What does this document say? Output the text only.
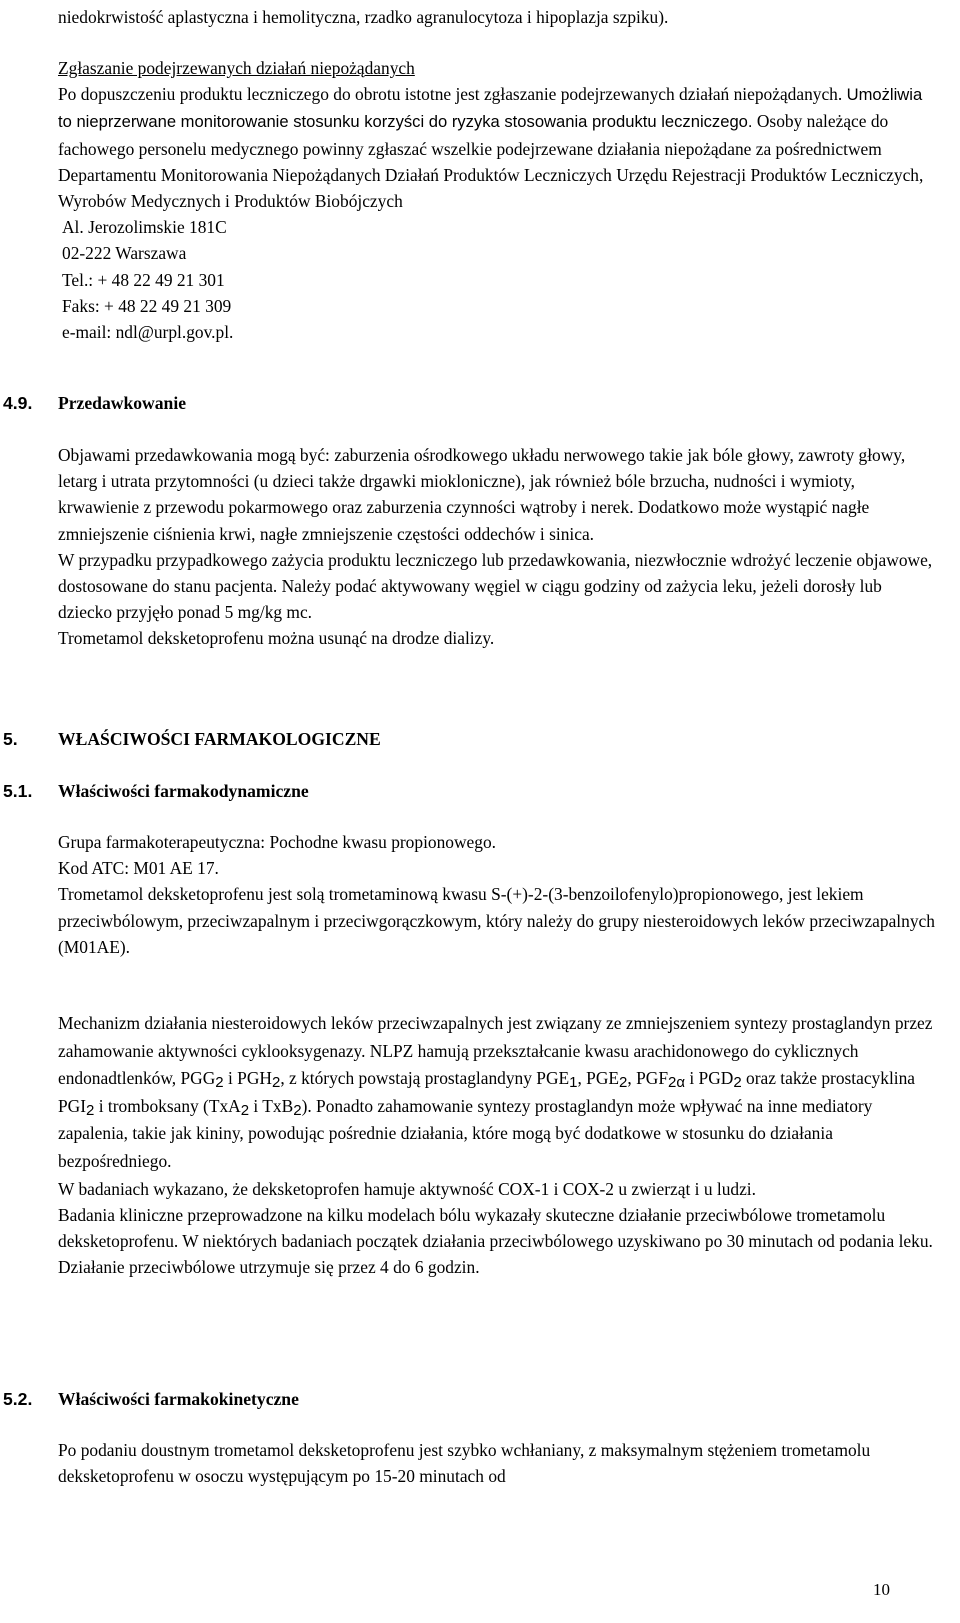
niedokrwistość aplastyczna i hemolityczna, rzadko agranulocytoza i hipoplazja szpiku).

Zgłaszanie podejrzewanych działań niepożądanych

Po dopuszczeniu produktu leczniczego do obrotu istotne jest zgłaszanie podejrzewanych działań niepożądanych. Umożliwia to nieprzerwane monitorowanie stosunku korzyści do ryzyka stosowania produktu leczniczego. Osoby należące do fachowego personelu medycznego powinny zgłaszać wszelkie podejrzewane działania niepożądane za pośrednictwem Departamentu Monitorowania Niepożądanych Działań Produktów Leczniczych Urzędu Rejestracji Produktów Leczniczych, Wyrobów Medycznych i Produktów Biobójczych

Al. Jerozolimskie 181C

02-222 Warszawa

Tel.: + 48 22 49 21 301

Faks: + 48 22 49 21 309

e-mail: ndl@urpl.gov.pl.

4.9. Przedawkowanie

Objawami przedawkowania mogą być: zaburzenia ośrodkowego układu nerwowego takie jak bóle głowy, zawroty głowy, letarg i utrata przytomności (u dzieci także drgawki miokloniczne), jak również bóle brzucha, nudności i wymioty, krwawienie z przewodu pokarmowego oraz zaburzenia czynności wątroby i nerek. Dodatkowo może wystąpić nagłe zmniejszenie ciśnienia krwi, nagłe zmniejszenie częstości oddechów i sinica.

W przypadku przypadkowego zażycia produktu leczniczego lub przedawkowania, niezwłocznie wdrożyć leczenie objawowe, dostosowane do stanu pacjenta. Należy podać aktywowany węgiel w ciągu godziny od zażycia leku, jeżeli dorosły lub dziecko przyjęło ponad 5 mg/kg mc.

Trometamol deksketoprofenu można usunąć na drodze dializy.

5. WŁAŚCIWOŚCI FARMAKOLOGICZNE
5.1. Właściwości farmakodynamiczne

Grupa farmakoterapeutyczna: Pochodne kwasu propionowego.

Kod ATC: M01 AE 17.

Trometamol deksketoprofenu jest solą trometaminową kwasu S-(+)-2-(3-benzoilofenylo)propionowego, jest lekiem przeciwbólowym, przeciwzapalnym i przeciwgorączkowym, który należy do grupy niesteroidowych leków przeciwzapalnych (M01AE).

Mechanizm działania niesteroidowych leków przeciwzapalnych jest związany ze zmniejszeniem syntezy prostaglandyn przez zahamowanie aktywności cyklooksygenazy. NLPZ hamują przekształcanie kwasu arachidonowego do cyklicznych endonadtlenków, $PGG_2$ i $PGH_2$, z których powstają prostaglandyny $PGE_1$, $PGE_2$, $PGF_{2\alpha}$ i $PGD_2$ oraz także prostacyklina $PGI_2$ i tromboksany (TxA$_2$ i TxB$_2$). Ponadto zahamowanie syntezy prostaglandyn może wpływać na inne mediatory zapalenia, takie jak kininy, powodując pośrednie działania, które mogą być dodatkowe w stosunku do działania bezpośredniego.

W badaniach wykazano, że deksketoprofen hamuje aktywność COX-1 i COX-2 u zwierząt i u ludzi.

Badania kliniczne przeprowadzone na kilku modelach bólu wykazały skuteczne działanie przeciwbólowe trometamolu deksketoprofenu. W niektórych badaniach początek działania przeciwbólowego uzyskiwano po 30 minutach od podania leku. Działanie przeciwbólowe utrzymuje się przez 4 do 6 godzin.

5.2. Właściwości farmakokinetyczne

Po podaniu doustnym trometamol deksketoprofenu jest szybko wchłaniany, z maksymalnym stężeniem trometamolu deksketoprofenu w osoczu występującym po 15-20 minutach od

10
